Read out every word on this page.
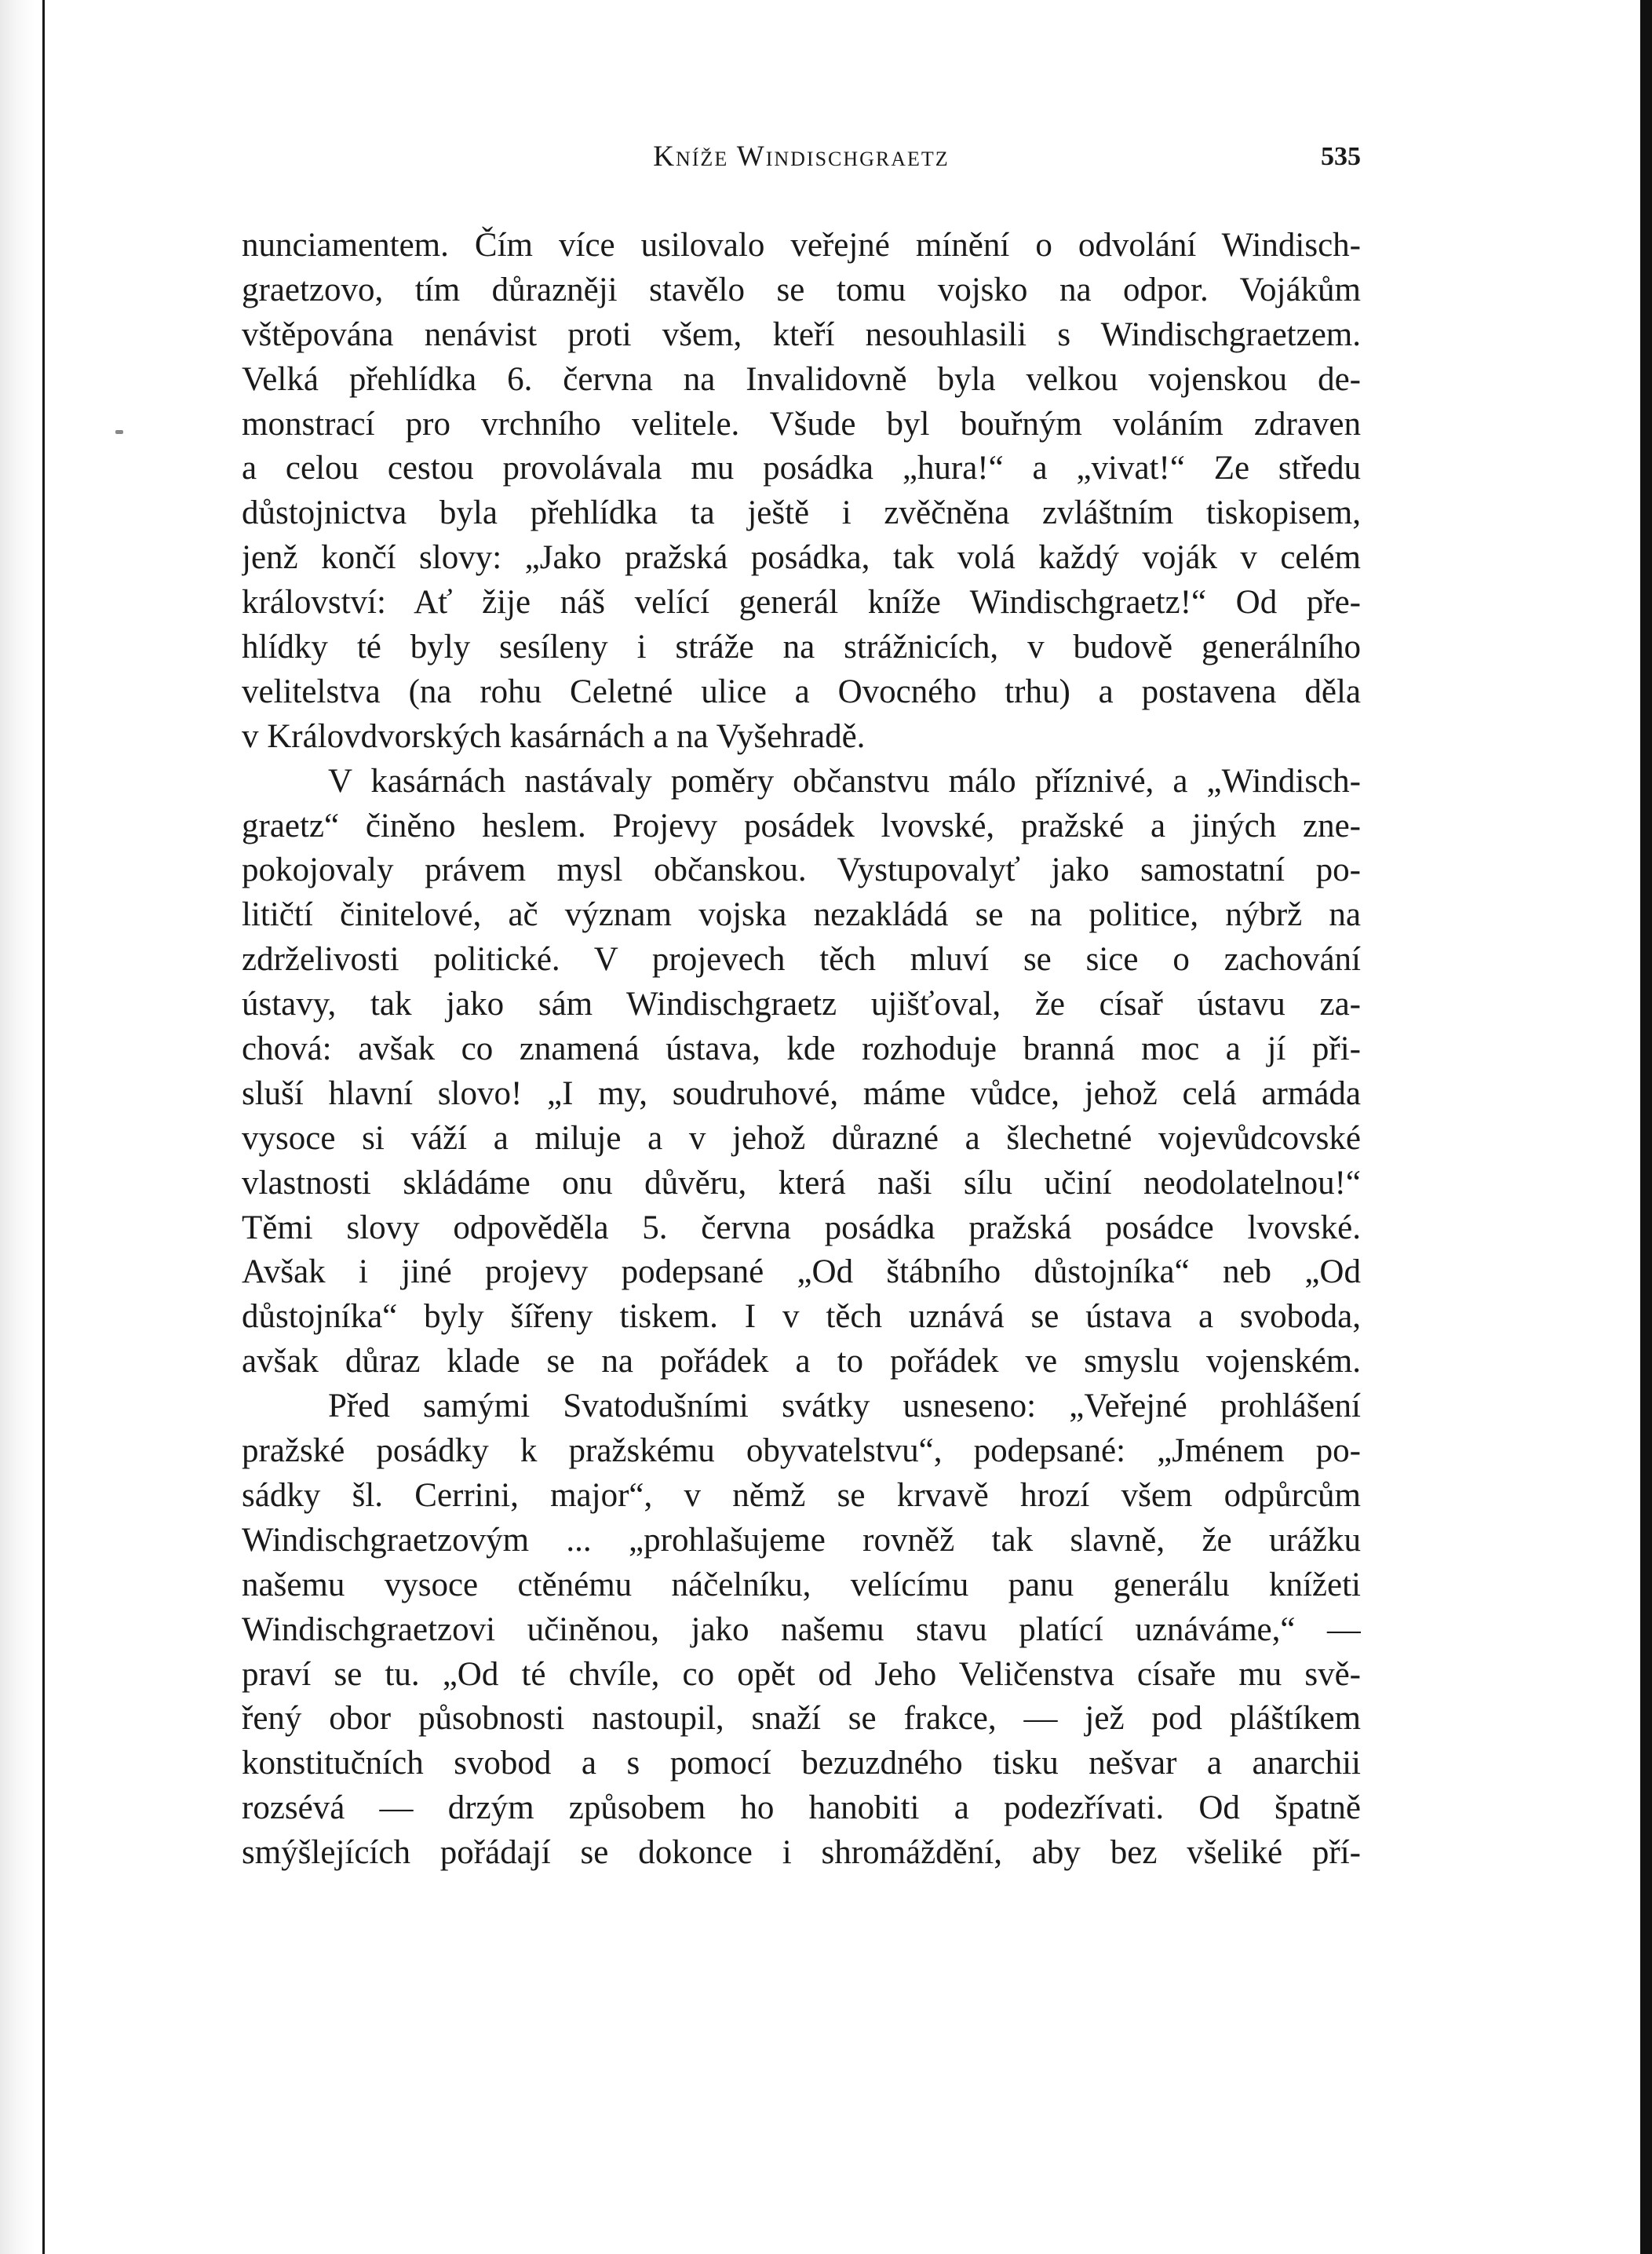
Kníže Windischgraetz	535
nunciamentem. Čím více usilovalo veřejné mínění o odvolání Windisch-
graetzovo, tím důrazněji stavělo se tomu vojsko na odpor. Vojákům
vštěpována nenávist proti všem, kteří nesouhlasili s Windischgraetzem.
Velká přehlídka 6. června na Invalidovně byla velkou vojenskou de-
monstrací pro vrchního velitele. Všude byl bouřným voláním zdraven
a celou cestou provolávala mu posádka „hura!“ a „vivat!“ Ze středu
důstojnictva byla přehlídka ta ještě i zvěčněna zvláštním tiskopisem,
jenž končí slovy: „Jako pražská posádka, tak volá každý voják v celém
království: Ať žije náš velící generál kníže Windischgraetz!“ Od pře-
hlídky té byly sesíleny i stráže na strážnicích, v budově generálního
velitelstva (na rohu Celetné ulice a Ovocného trhu) a postavena děla
v Královdvorských kasárnách a na Vyšehradě.
V kasárnách nastávaly poměry občanstvu málo příznivé, a „Windisch-
graetz“ činěno heslem. Projevy posádek lvovské, pražské a jiných zne-
pokojovaly právem mysl občanskou. Vystupovalyť jako samostatní po-
litičtí činitelové, ač význam vojska nezakládá se na politice, nýbrž na
zdrželivosti politické. V projevech těch mluví se sice o zachování
ústavy, tak jako sám Windischgraetz ujišťoval, že císař ústavu za-
chová: avšak co znamená ústava, kde rozhoduje branná moc a jí při-
sluší hlavní slovo! „I my, soudruhové, máme vůdce, jehož celá armáda
vysoce si váží a miluje a v jehož důrazné a šlechetné vojevůdcovské
vlastnosti skládáme onu důvěru, která naši sílu učiní neodolatelnou!“
Těmi slovy odpověděla 5. června posádka pražská posádce lvovské.
Avšak i jiné projevy podepsané „Od štábního důstojníka“ neb „Od
důstojníka“ byly šířeny tiskem. I v těch uznává se ústava a svoboda,
avšak důraz klade se na pořádek a to pořádek ve smyslu vojenském.
Před samými Svatodušními svátky usneseno: „Veřejné prohlášení
pražské posádky k pražskému obyvatelstvu“, podepsané: „Jménem po-
sádky šl. Cerrini, major“, v němž se krvavě hrozí všem odpůrcům
Windischgraetzovým ... „prohlašujeme rovněž tak slavně, že urážku
našemu vysoce ctěnému náčelníku, velícímu panu generálu knížeti
Windischgraetzovi učiněnou, jako našemu stavu platící uznáváme,“ —
praví se tu. „Od té chvíle, co opět od Jeho Veličenstva císaře mu svě-
řený obor působnosti nastoupil, snaží se frakce, — jež pod pláštíkem
konstitučních svobod a s pomocí bezuzdného tisku nešvar a anarchii
rozsévá — drzým způsobem ho hanobiti a podezřívati. Od špatně
smýšlejících pořádají se dokonce i shromáždění, aby bez všeliké pří-
